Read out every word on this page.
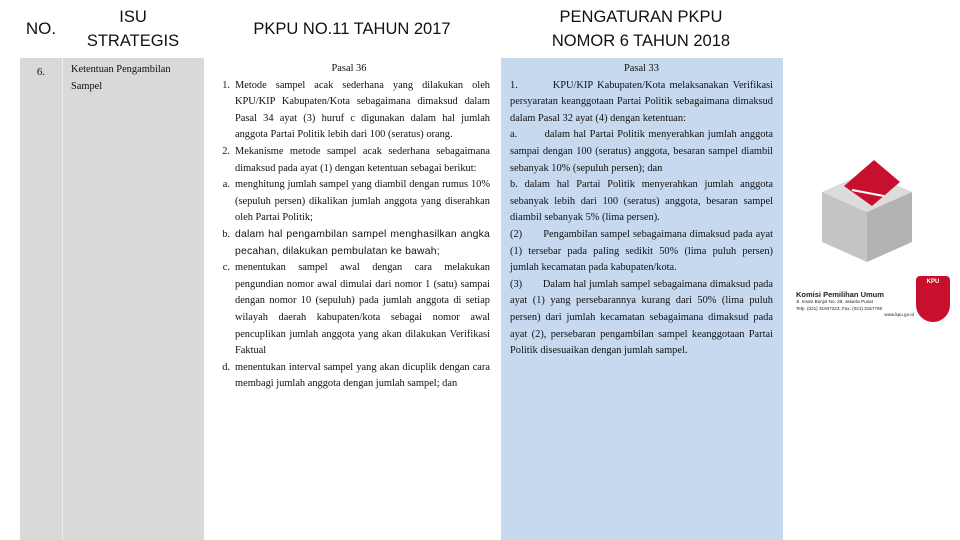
NO.
ISU
STRATEGIS
PKPU NO.11 TAHUN 2017
PENGATURAN PKPU
NOMOR 6 TAHUN 2018
6.	Ketentuan Pengambilan Sampel
Pasal 36
1. Metode sampel acak sederhana yang dilakukan oleh KPU/KIP Kabupaten/Kota sebagaimana dimaksud dalam Pasal 34 ayat (3) huruf c digunakan dalam hal jumlah anggota Partai Politik lebih dari 100 (seratus) orang.
2. Mekanisme metode sampel acak sederhana sebagaimana dimaksud pada ayat (1) dengan ketentuan sebagai berikut:
a. menghitung jumlah sampel yang diambil dengan rumus 10% (sepuluh persen) dikalikan jumlah anggota yang diserahkan oleh Partai Politik;
b. dalam hal pengambilan sampel menghasilkan angka pecahan, dilakukan pembulatan ke bawah;
c. menentukan sampel awal dengan cara melakukan pengundian nomor awal dimulai dari nomor 1 (satu) sampai dengan nomor 10 (sepuluh) pada jumlah anggota di setiap wilayah daerah kabupaten/kota sebagai nomor awal pencuplikan jumlah anggota yang akan dilakukan Verifikasi Faktual
d. menentukan interval sampel yang akan dicuplik dengan cara membagi jumlah anggota dengan jumlah sampel; dan
Pasal 33
1.        KPU/KIP Kabupaten/Kota melaksanakan Verifikasi persyaratan keanggotaan Partai Politik sebagaimana dimaksud dalam Pasal 32 ayat (4) dengan ketentuan:
a.        dalam hal Partai Politik menyerahkan jumlah anggota sampai dengan 100 (seratus) anggota, besaran sampel diambil sebanyak 10% (sepuluh persen); dan
b. dalam hal Partai Politik menyerahkan jumlah anggota sebanyak lebih dari 100 (seratus) anggota, besaran sampel diambil sebanyak 5% (lima persen).
(2)       Pengambilan sampel sebagaimana dimaksud pada ayat (1) tersebar pada paling sedikit 50% (lima puluh persen) jumlah kecamatan pada kabupaten/kota.
(3)       Dalam hal jumlah sampel sebagaimana dimaksud pada ayat (1) yang persebarannya kurang dari 50% (lima puluh persen) dari jumlah kecamatan sebagaimana dimaksud pada ayat (2), persebaran pengambilan sampel keanggotaan Partai Politik disesuaikan dengan jumlah sampel.
KPU
Komisi Pemilihan Umum
Jl. Imam Bonjol No. 29, Jakarta Pusat
Telp. (021) 31937223, Fax. (021) 3157759
www.kpu.go.id
